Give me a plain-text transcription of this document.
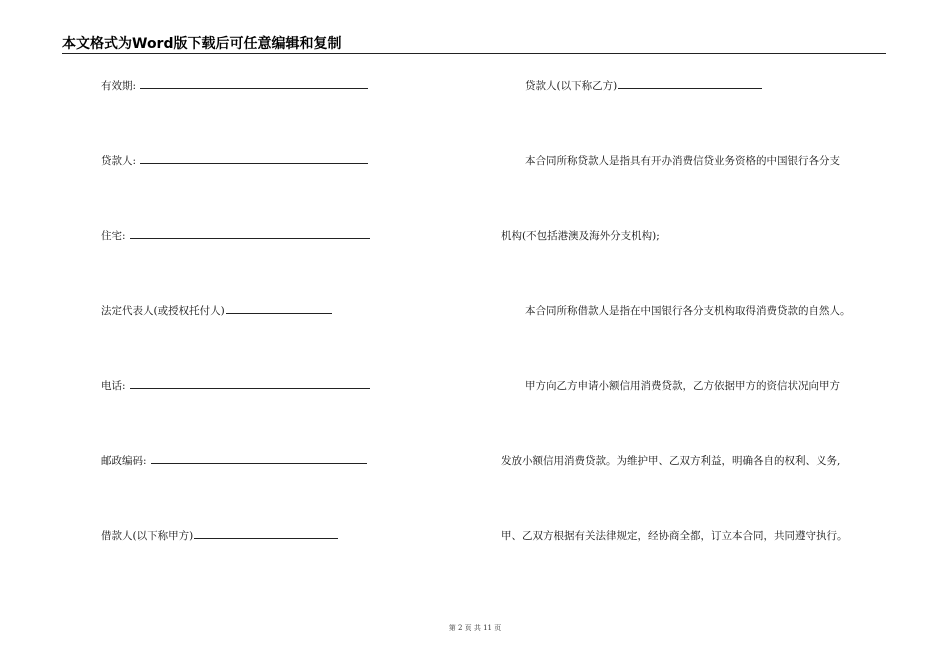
本文格式为Word版下载后可任意编辑和复制
有效期:
贷款人:
住宅:
法定代表人(或授权托付人)
电话:
邮政编码:
借款人(以下称甲方)
贷款人(以下称乙方)
本合同所称贷款人是指具有开办消费信贷业务资格的中国银行各分支
机构(不包括港澳及海外分支机构);
本合同所称借款人是指在中国银行各分支机构取得消费贷款的自然人。
甲方向乙方申请小额信用消费贷款，乙方依据甲方的资信状况向甲方
发放小额信用消费贷款。为维护甲、乙双方利益，明确各自的权利、义务,
甲、乙双方根据有关法律规定，经协商全都，订立本合同，共同遵守执行。
第 2 页 共 11 页
